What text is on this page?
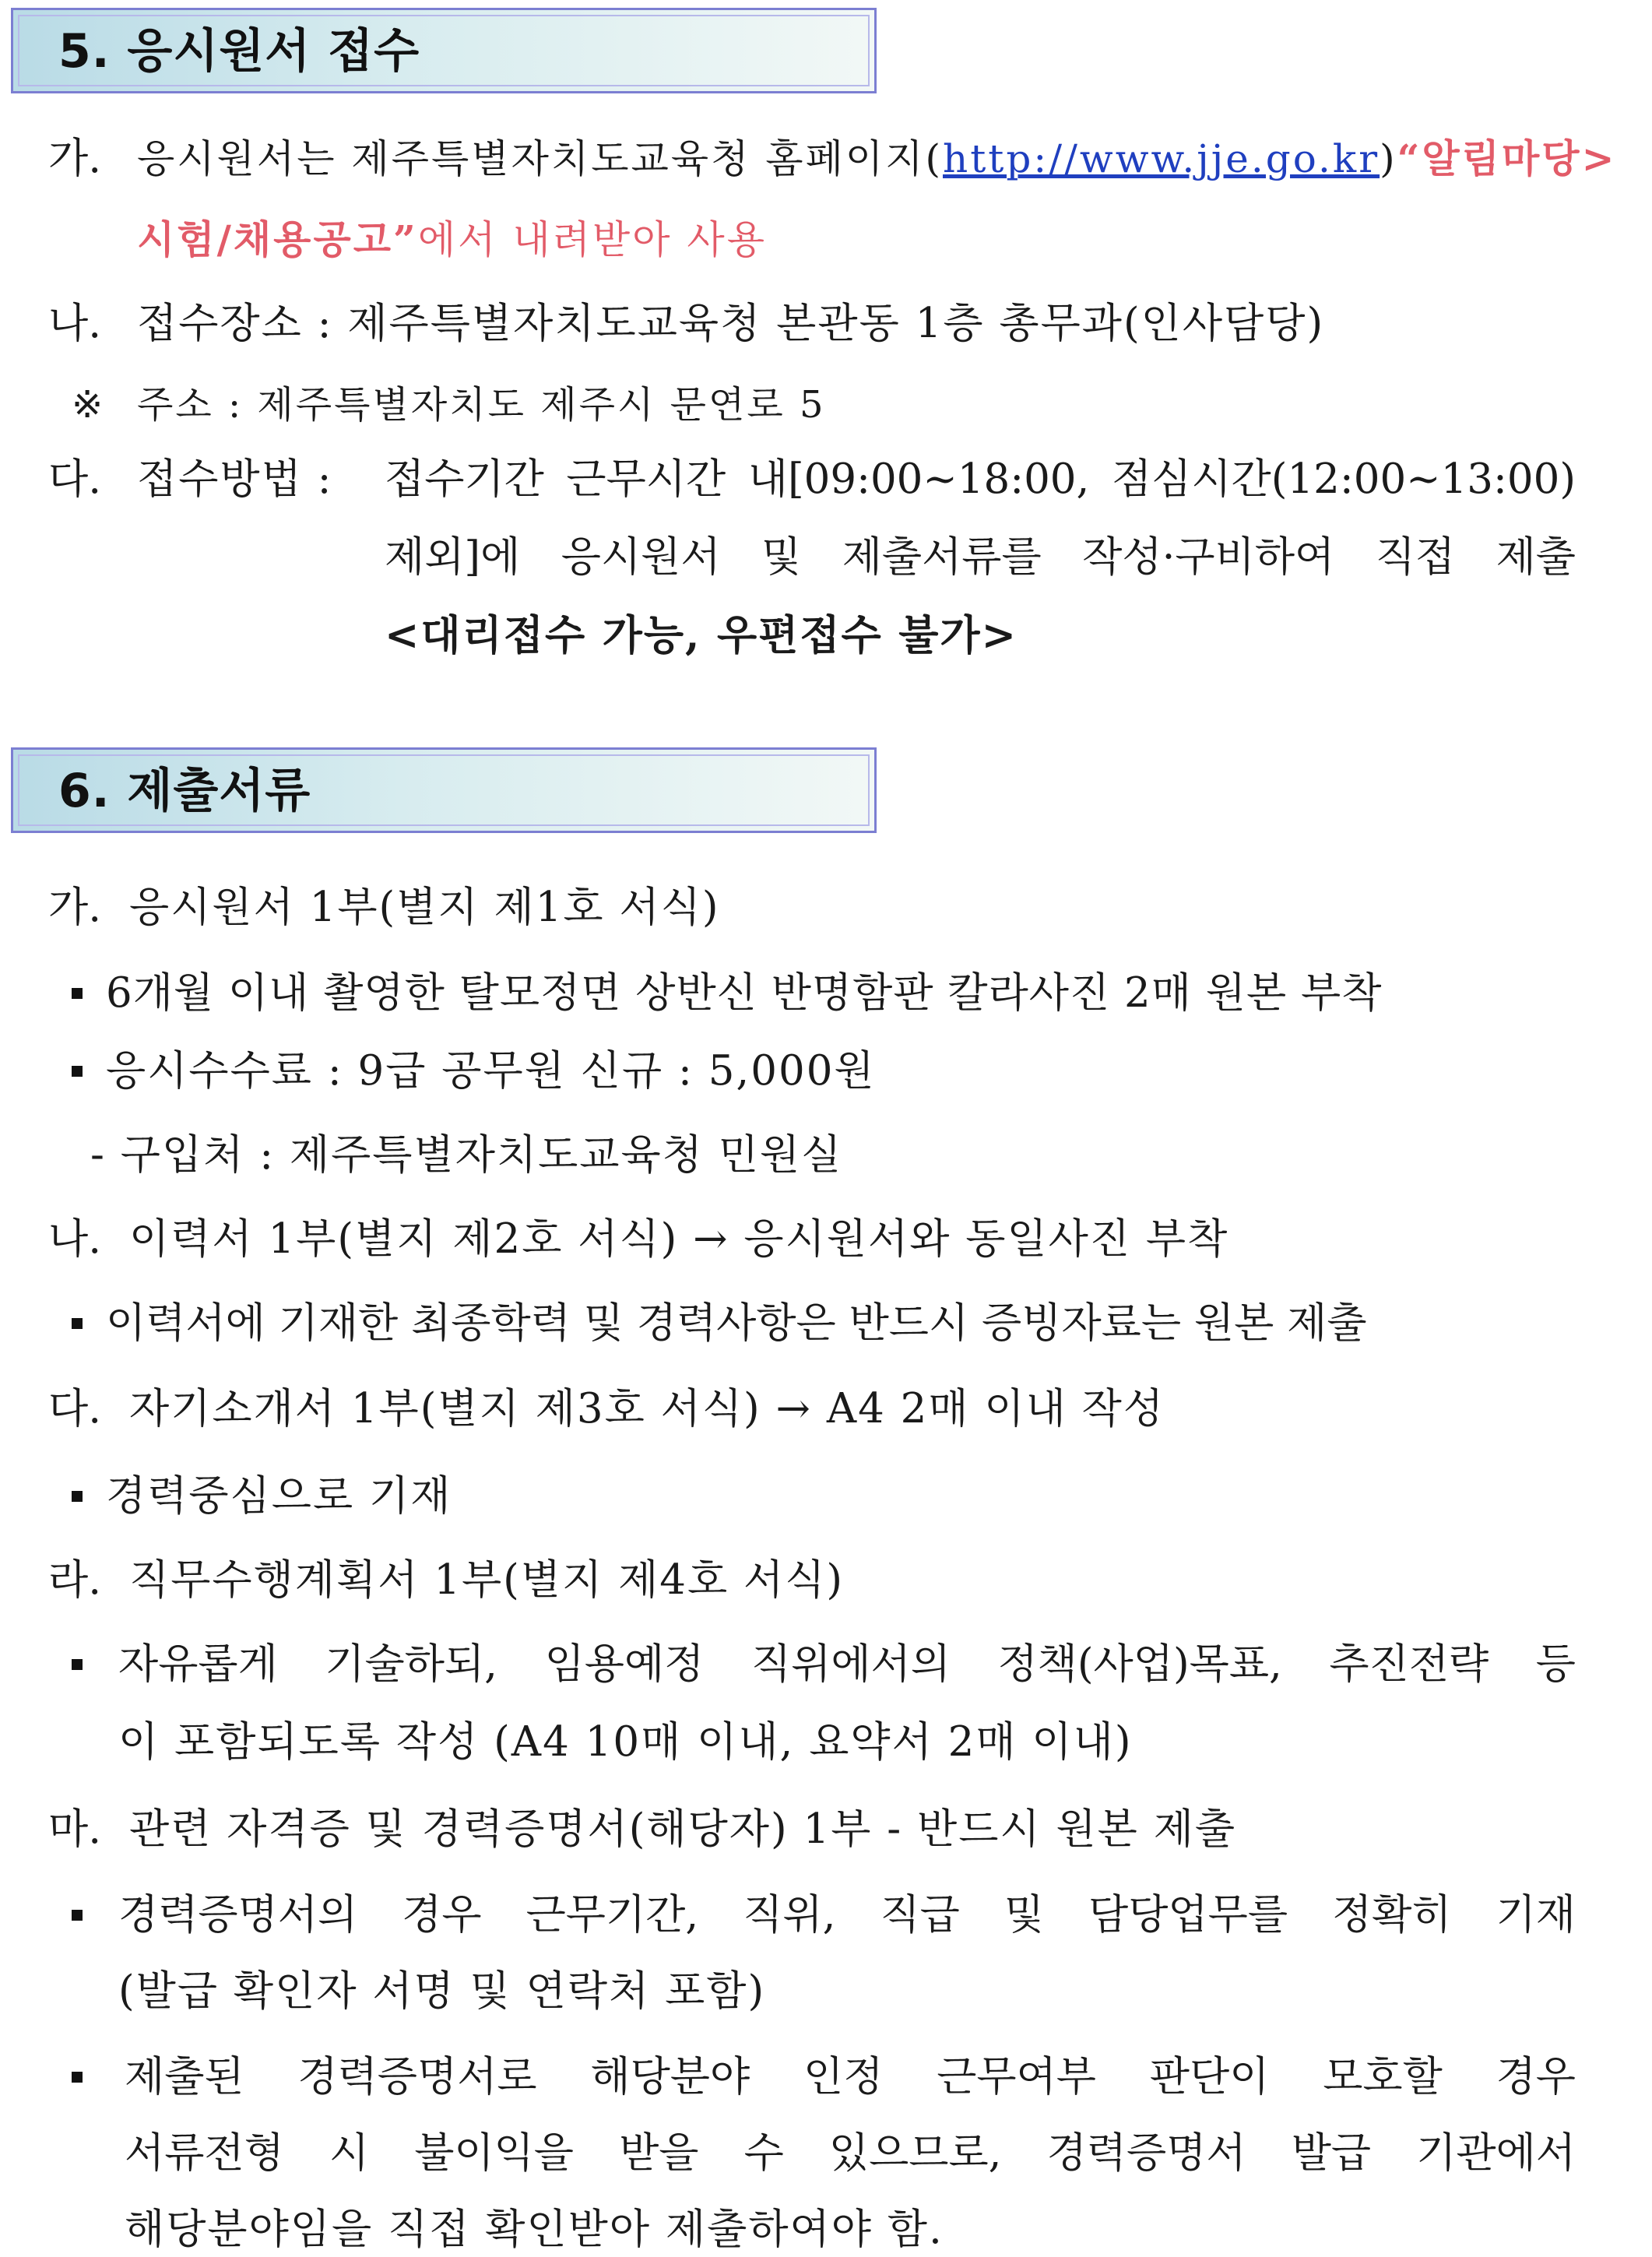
5. 응시원서 접수
가. 응시원서는 제주특별자치도교육청 홈페이지(http://www.jje.go.kr)“알림마당>
시험/채용공고”에서 내려받아 사용
나. 접수장소 : 제주특별자치도교육청 본관동 1층 총무과(인사담당)
※ 주소 : 제주특별자치도 제주시 문연로 5
다. 접수방법 : 접수기간 근무시간 내[09:00~18:00, 점심시간(12:00~13:00)
제외]에 응시원서 및 제출서류를 작성·구비하여 직접 제출
<대리접수 가능, 우편접수 불가>
6. 제출서류
가. 응시원서 1부(별지 제1호 서식)
6개월 이내 촬영한 탈모정면 상반신 반명함판 칼라사진 2매 원본 부착
응시수수료 : 9급 공무원 신규 : 5,000원
- 구입처 : 제주특별자치도교육청 민원실
나. 이력서 1부(별지 제2호 서식) → 응시원서와 동일사진 부착
이력서에 기재한 최종학력 및 경력사항은 반드시 증빙자료는 원본 제출
다. 자기소개서 1부(별지 제3호 서식) → A4 2매 이내 작성
경력중심으로 기재
라. 직무수행계획서 1부(별지 제4호 서식)
자유롭게 기술하되, 임용예정 직위에서의 정책(사업)목표, 추진전략 등
이 포함되도록 작성 (A4 10매 이내, 요약서 2매 이내)
마. 관련 자격증 및 경력증명서(해당자) 1부 - 반드시 원본 제출
경력증명서의 경우 근무기간, 직위, 직급 및 담당업무를 정확히 기재
(발급 확인자 서명 및 연락처 포함)
제출된 경력증명서로 해당분야 인정 근무여부 판단이 모호할 경우
서류전형 시 불이익을 받을 수 있으므로, 경력증명서 발급 기관에서
해당분야임을 직접 확인받아 제출하여야 함.
